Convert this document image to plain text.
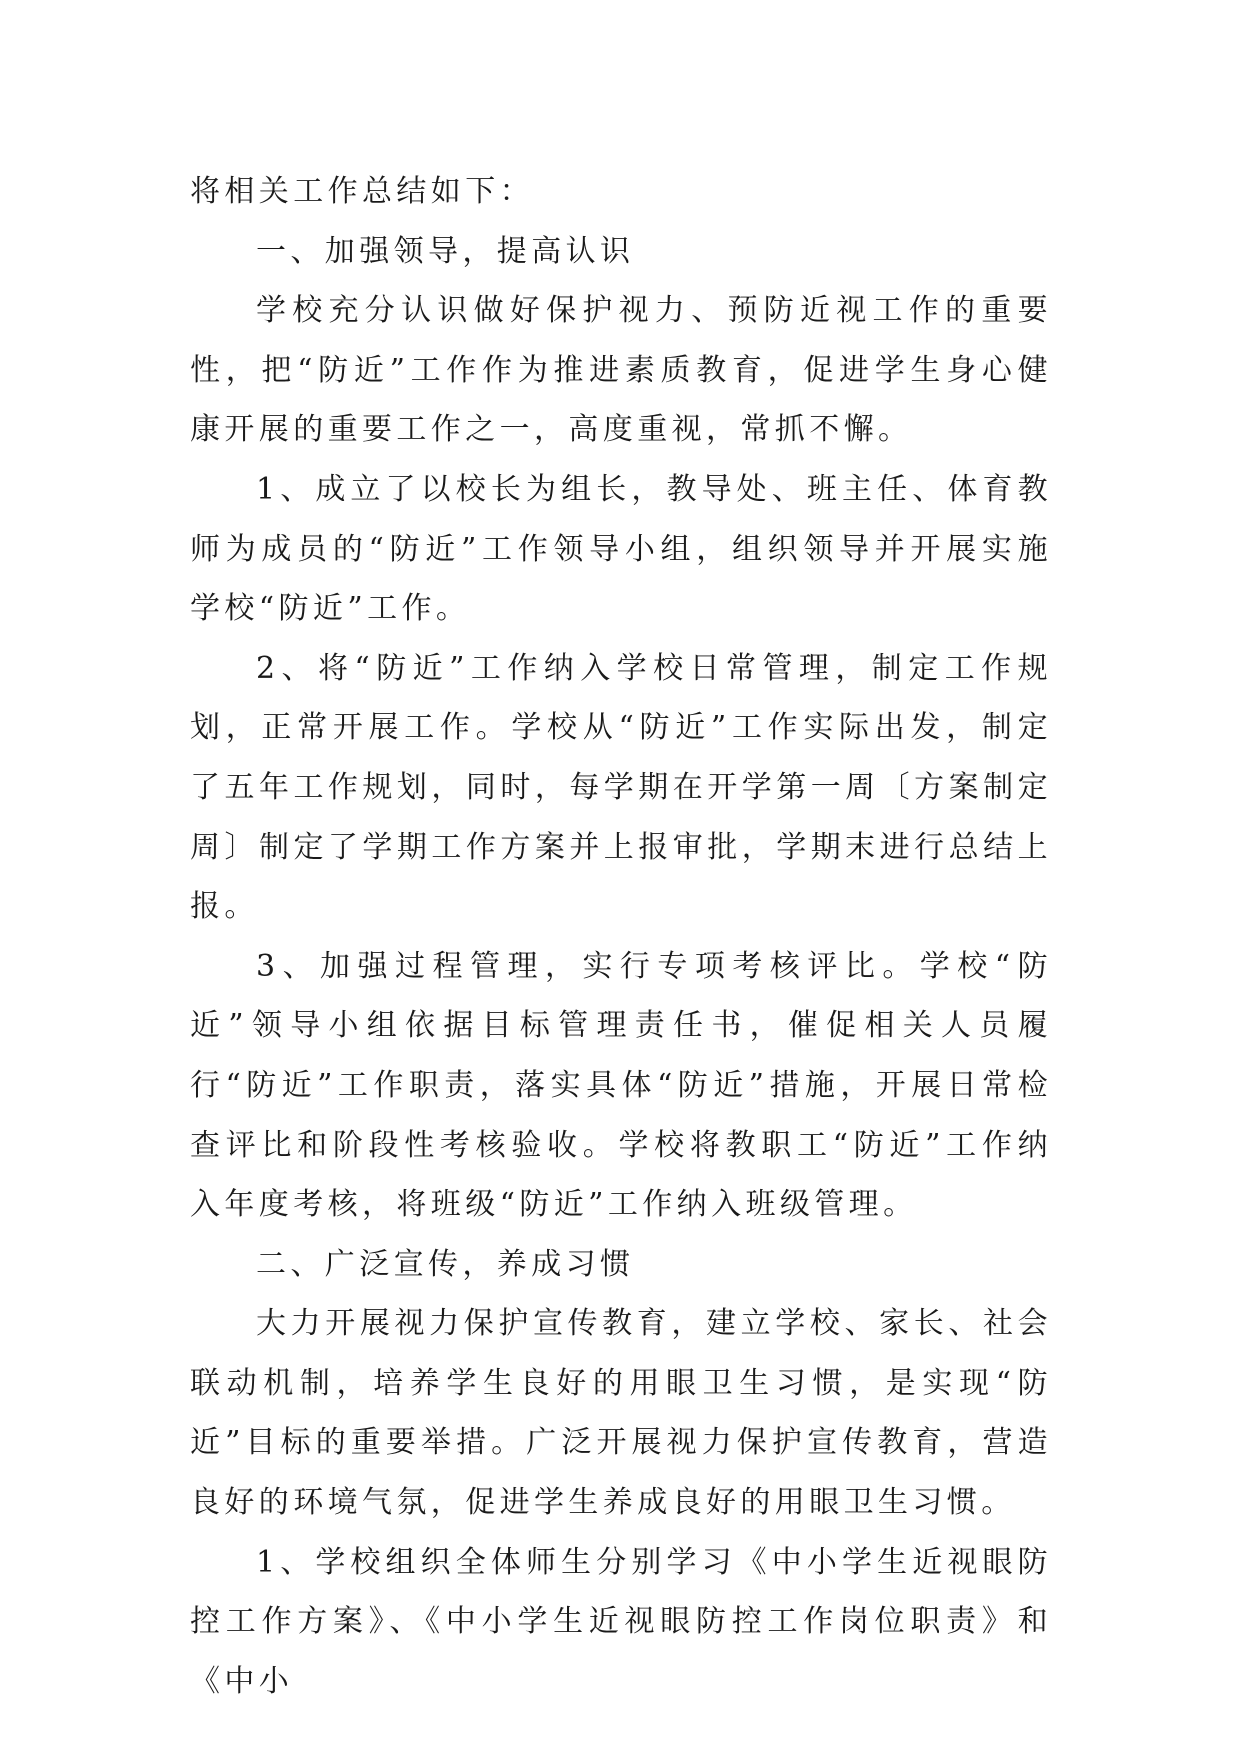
将相关工作总结如下：

一、加强领导，提高认识

学校充分认识做好保护视力、预防近视工作的重要性，把“防近”工作作为推进素质教育，促进学生身心健康开展的重要工作之一，高度重视，常抓不懈。

1、成立了以校长为组长，教导处、班主任、体育教师为成员的“防近”工作领导小组，组织领导并开展实施学校“防近”工作。

2、将“防近”工作纳入学校日常管理，制定工作规划，正常开展工作。学校从“防近”工作实际出发，制定了五年工作规划，同时，每学期在开学第一周〔方案制定周〕制定了学期工作方案并上报审批，学期末进行总结上报。

3、加强过程管理，实行专项考核评比。学校“防近”领导小组依据目标管理责任书，催促相关人员履行“防近”工作职责，落实具体“防近”措施，开展日常检查评比和阶段性考核验收。学校将教职工“防近”工作纳入年度考核，将班级“防近”工作纳入班级管理。

二、广泛宣传，养成习惯

大力开展视力保护宣传教育，建立学校、家长、社会联动机制，培养学生良好的用眼卫生习惯，是实现“防近”目标的重要举措。广泛开展视力保护宣传教育，营造良好的环境气氛，促进学生养成良好的用眼卫生习惯。

1、学校组织全体师生分别学习《中小学生近视眼防控工作方案》、《中小学生近视眼防控工作岗位职责》和《中小
